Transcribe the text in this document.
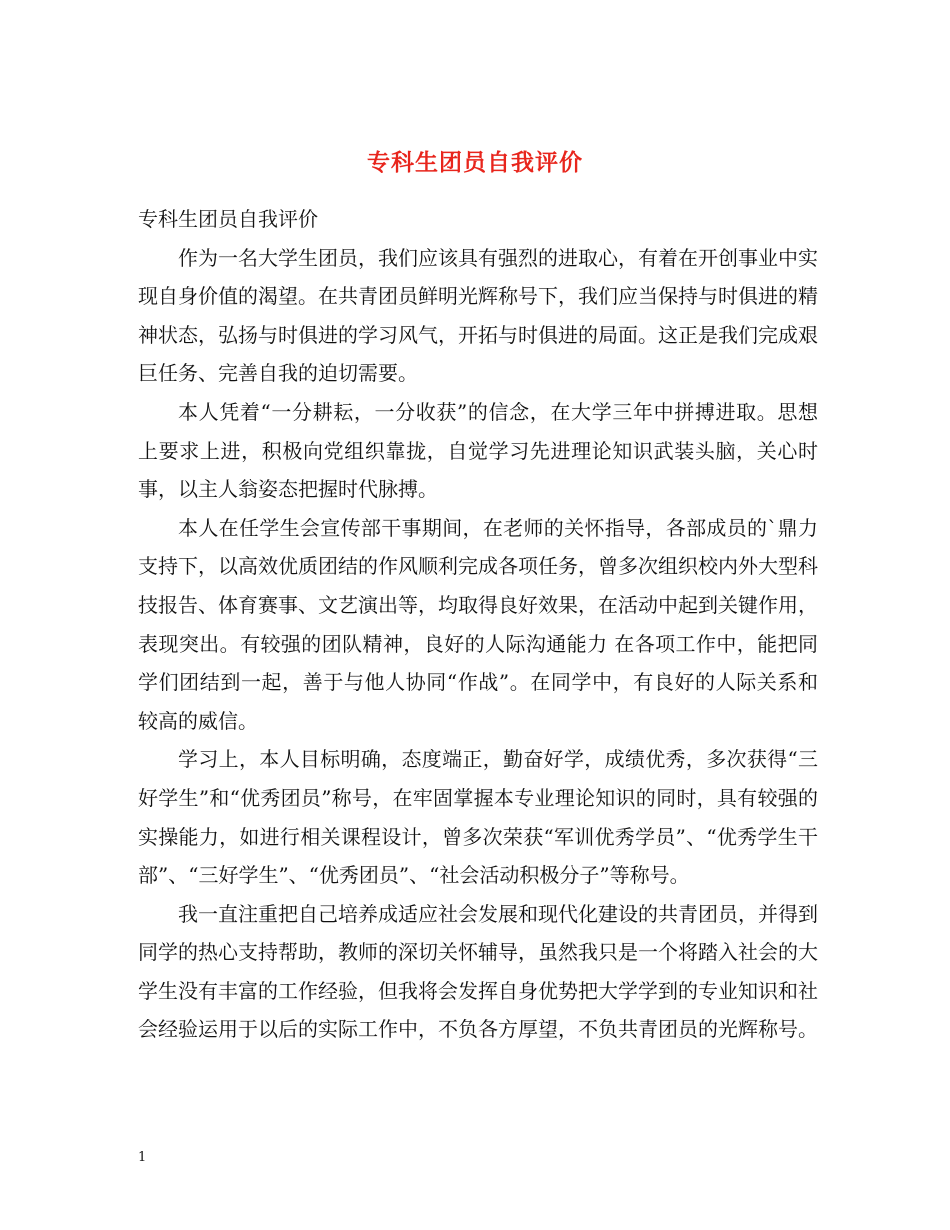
专科生团员自我评价

专科生团员自我评价

作为一名大学生团员，我们应该具有强烈的进取心，有着在开创事业中实现自身价值的渴望。在共青团员鲜明光辉称号下，我们应当保持与时俱进的精神状态，弘扬与时俱进的学习风气，开拓与时俱进的局面。这正是我们完成艰巨任务、完善自我的迫切需要。

本人凭着“一分耕耘，一分收获”的信念，在大学三年中拼搏进取。思想上要求上进，积极向党组织靠拢，自觉学习先进理论知识武装头脑，关心时事，以主人翁姿态把握时代脉搏。

本人在任学生会宣传部干事期间，在老师的关怀指导，各部成员的`鼎力支持下，以高效优质团结的作风顺利完成各项任务，曾多次组织校内外大型科技报告、体育赛事、文艺演出等，均取得良好效果，在活动中起到关键作用，表现突出。有较强的团队精神，良好的人际沟通能力 在各项工作中，能把同学们团结到一起，善于与他人协同“作战”。在同学中，有良好的人际关系和较高的威信。

学习上，本人目标明确，态度端正，勤奋好学，成绩优秀，多次获得“三好学生”和“优秀团员”称号，在牢固掌握本专业理论知识的同时，具有较强的实操能力，如进行相关课程设计，曾多次荣获“军训优秀学员”、“优秀学生干部”、“三好学生”、“优秀团员”、“社会活动积极分子”等称号。

我一直注重把自己培养成适应社会发展和现代化建设的共青团员，并得到同学的热心支持帮助，教师的深切关怀辅导，虽然我只是一个将踏入社会的大学生没有丰富的工作经验，但我将会发挥自身优势把大学学到的专业知识和社会经验运用于以后的实际工作中，不负各方厚望，不负共青团员的光辉称号。

1
